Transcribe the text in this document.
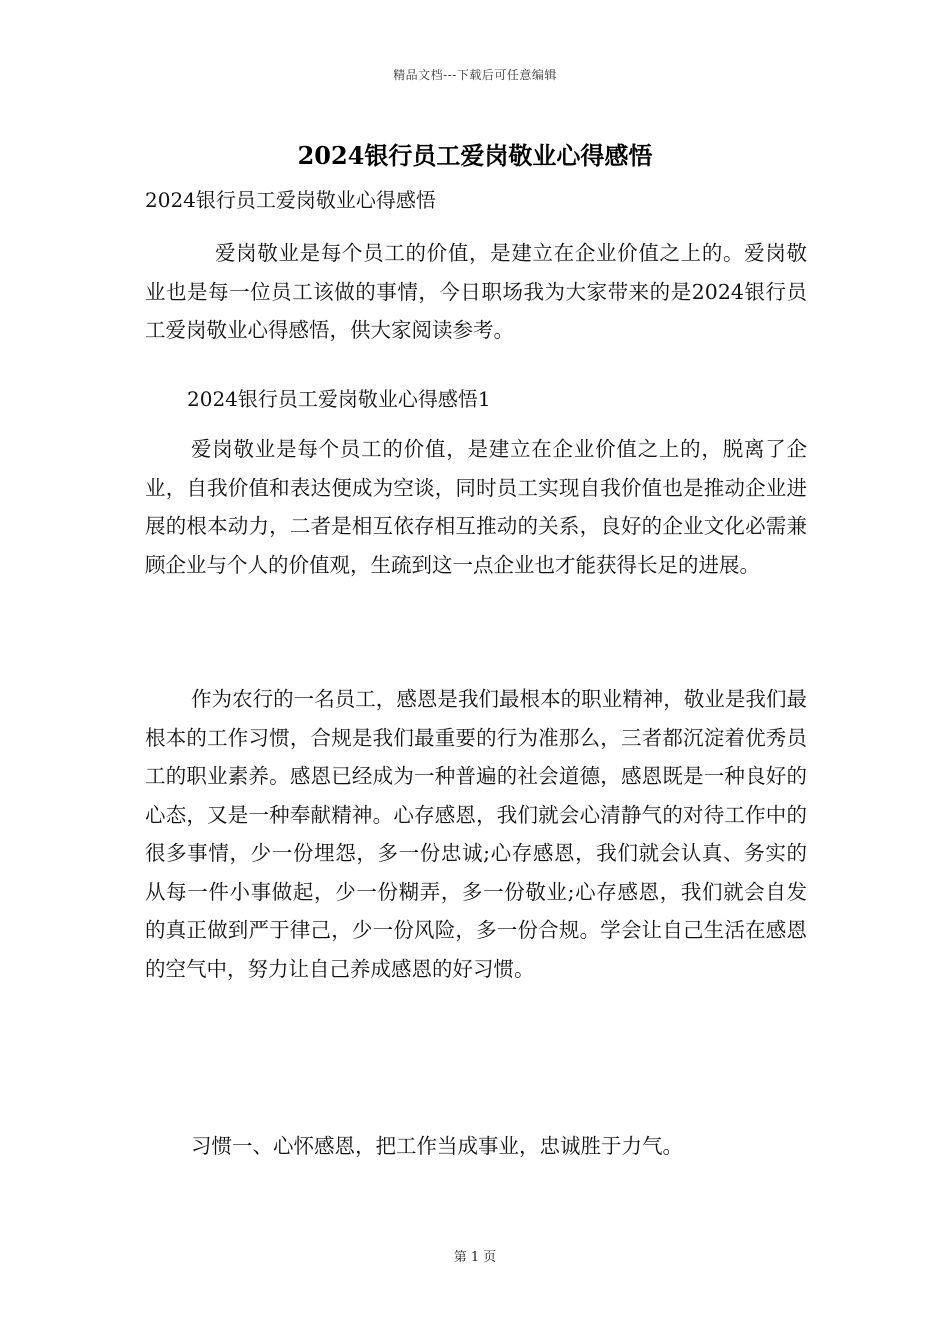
精品文档---下载后可任意编辑
2024银行员工爱岗敬业心得感悟

2024银行员工爱岗敬业心得感悟

爱岗敬业是每个员工的价值，是建立在企业价值之上的。爱岗敬业也是每一位员工该做的事情，今日职场我为大家带来的是2024银行员工爱岗敬业心得感悟，供大家阅读参考。

2024银行员工爱岗敬业心得感悟1

爱岗敬业是每个员工的价值，是建立在企业价值之上的，脱离了企业，自我价值和表达便成为空谈，同时员工实现自我价值也是推动企业进展的根本动力，二者是相互依存相互推动的关系，良好的企业文化必需兼顾企业与个人的价值观，生疏到这一点企业也才能获得长足的进展。

作为农行的一名员工，感恩是我们最根本的职业精神，敬业是我们最根本的工作习惯，合规是我们最重要的行为准那么，三者都沉淀着优秀员工的职业素养。感恩已经成为一种普遍的社会道德，感恩既是一种良好的心态，又是一种奉献精神。心存感恩，我们就会心清静气的对待工作中的很多事情，少一份埋怨，多一份忠诚;心存感恩，我们就会认真、务实的从每一件小事做起，少一份糊弄，多一份敬业;心存感恩，我们就会自发的真正做到严于律己，少一份风险，多一份合规。学会让自己生活在感恩的空气中，努力让自己养成感恩的好习惯。

习惯一、心怀感恩，把工作当成事业，忠诚胜于力气。

第 1 页
